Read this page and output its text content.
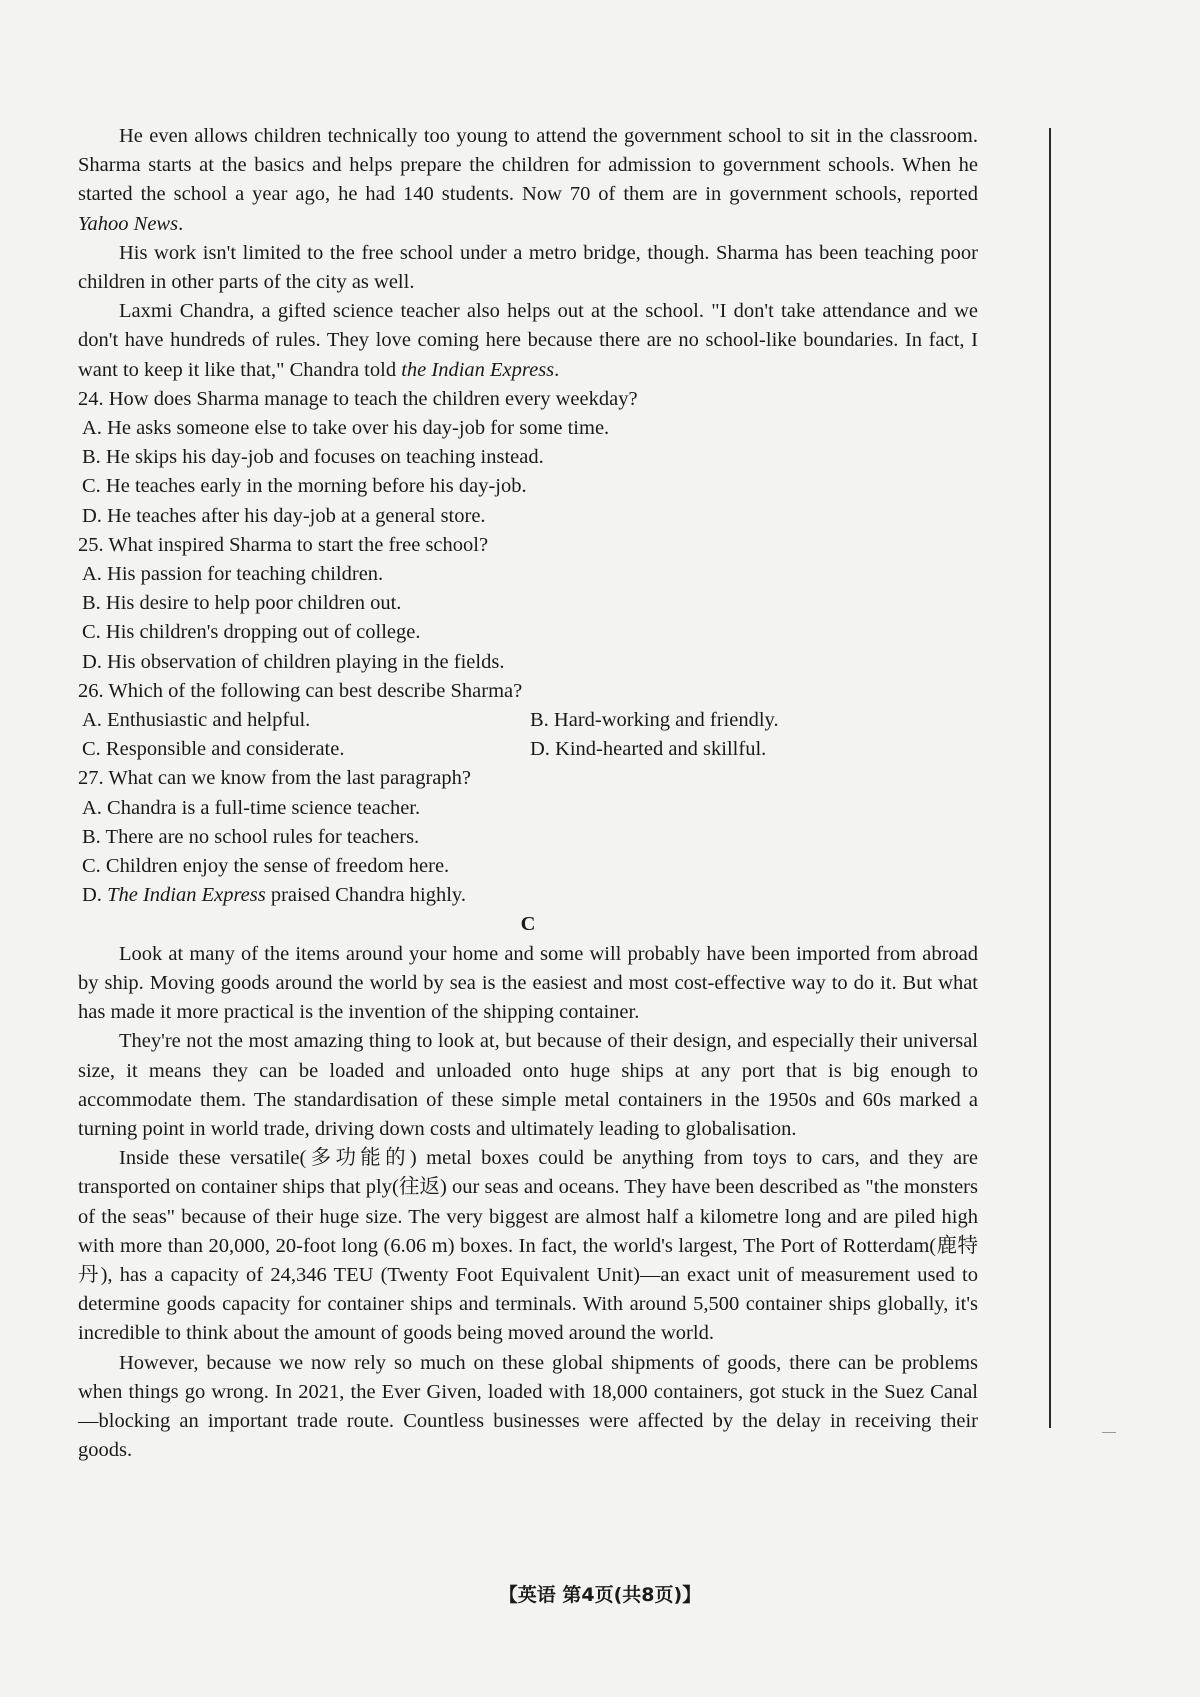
He even allows children technically too young to attend the government school to sit in the classroom. Sharma starts at the basics and helps prepare the children for admission to government schools. When he started the school a year ago, he had 140 students. Now 70 of them are in government schools, reported Yahoo News.

His work isn't limited to the free school under a metro bridge, though. Sharma has been teaching poor children in other parts of the city as well.

Laxmi Chandra, a gifted science teacher also helps out at the school. "I don't take attendance and we don't have hundreds of rules. They love coming here because there are no school-like boundaries. In fact, I want to keep it like that," Chandra told the Indian Express.

24. How does Sharma manage to teach the children every weekday?
A. He asks someone else to take over his day-job for some time.
B. He skips his day-job and focuses on teaching instead.
C. He teaches early in the morning before his day-job.
D. He teaches after his day-job at a general store.
25. What inspired Sharma to start the free school?
A. His passion for teaching children.
B. His desire to help poor children out.
C. His children's dropping out of college.
D. His observation of children playing in the fields.
26. Which of the following can best describe Sharma?
A. Enthusiastic and helpful.	B. Hard-working and friendly.
C. Responsible and considerate.	D. Kind-hearted and skillful.
27. What can we know from the last paragraph?
A. Chandra is a full-time science teacher.
B. There are no school rules for teachers.
C. Children enjoy the sense of freedom here.
D. The Indian Express praised Chandra highly.
C

Look at many of the items around your home and some will probably have been imported from abroad by ship. Moving goods around the world by sea is the easiest and most cost-effective way to do it. But what has made it more practical is the invention of the shipping container.

They're not the most amazing thing to look at, but because of their design, and especially their universal size, it means they can be loaded and unloaded onto huge ships at any port that is big enough to accommodate them. The standardisation of these simple metal containers in the 1950s and 60s marked a turning point in world trade, driving down costs and ultimately leading to globalisation.

Inside these versatile(多功能的) metal boxes could be anything from toys to cars, and they are transported on container ships that ply(往返) our seas and oceans. They have been described as "the monsters of the seas" because of their huge size. The very biggest are almost half a kilometre long and are piled high with more than 20,000, 20-foot long (6.06 m) boxes. In fact, the world's largest, The Port of Rotterdam(鹿特丹), has a capacity of 24,346 TEU (Twenty Foot Equivalent Unit)—an exact unit of measurement used to determine goods capacity for container ships and terminals. With around 5,500 container ships globally, it's incredible to think about the amount of goods being moved around the world.

However, because we now rely so much on these global shipments of goods, there can be problems when things go wrong. In 2021, the Ever Given, loaded with 18,000 containers, got stuck in the Suez Canal—blocking an important trade route. Countless businesses were affected by the delay in receiving their goods.

【英语 第4页(共8页)】
